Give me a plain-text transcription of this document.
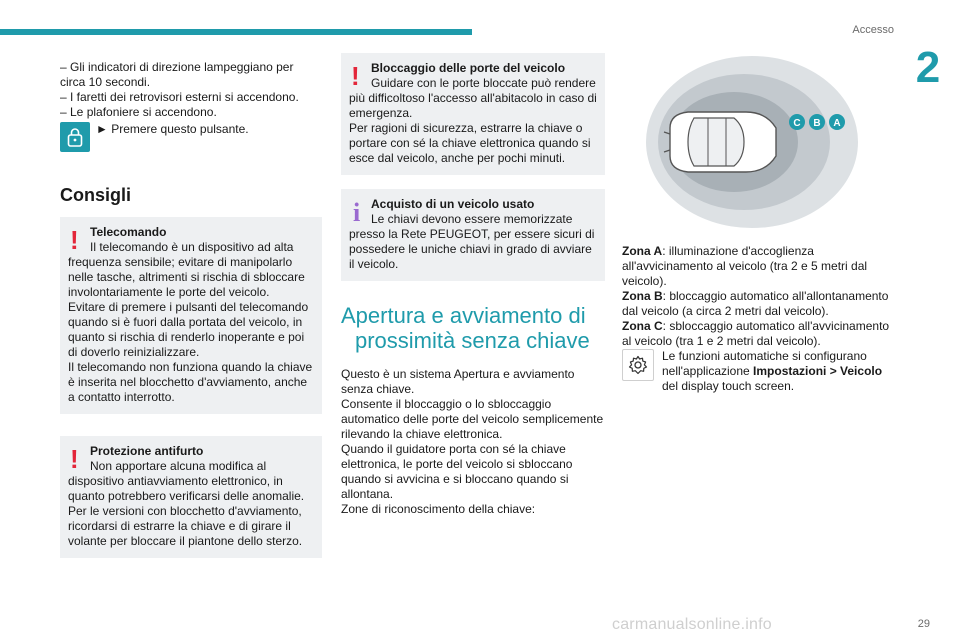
Accesso
2

– Gli indicatori di direzione lampeggiano per circa 10 secondi.

– I faretti dei retrovisori esterni si accendono.

– Le plafoniere si accendono.

► Premere questo pulsante.
Consigli
! Telecomando

Il telecomando è un dispositivo ad alta frequenza sensibile; evitare di manipolarlo nelle tasche, altrimenti si rischia di sbloccare involontariamente le porte del veicolo.

Evitare di premere i pulsanti del telecomando quando si è fuori dalla portata del veicolo, in quanto si rischia di renderlo inoperante e poi di doverlo reinizializzare.

Il telecomando non funziona quando la chiave è inserita nel blocchetto d'avviamento, anche a contatto interrotto.

! Protezione antifurto

Non apportare alcuna modifica al dispositivo antiavviamento elettronico, in quanto potrebbero verificarsi delle anomalie.

Per le versioni con blocchetto d'avviamento, ricordarsi di estrarre la chiave e di girare il volante per bloccare il piantone dello sterzo.

! Bloccaggio delle porte del veicolo

Guidare con le porte bloccate può rendere più difficoltoso l'accesso all'abitacolo in caso di emergenza.

Per ragioni di sicurezza, estrarre la chiave o portare con sé la chiave elettronica quando si esce dal veicolo, anche per pochi minuti.

i Acquisto di un veicolo usato

Le chiavi devono essere memorizzate presso la Rete PEUGEOT, per essere sicuri di possedere le uniche chiavi in grado di avviare il veicolo.

Apertura e avviamento di
prossimità senza chiave

Questo è un sistema Apertura e avviamento senza chiave.

Consente il bloccaggio o lo sbloccaggio automatico delle porte del veicolo semplicemente rilevando la chiave elettronica.

Quando il guidatore porta con sé la chiave elettronica, le porte del veicolo si sbloccano quando si avvicina e si bloccano quando si allontana.

Zone di riconoscimento della chiave:

C B A

Zona A: illuminazione d'accoglienza all'avvicinamento al veicolo (tra 2 e 5 metri dal veicolo).

Zona B: bloccaggio automatico all'allontanamento dal veicolo (a circa 2 metri dal veicolo).

Zona C: sbloccaggio automatico all'avvicinamento al veicolo (tra 1 e 2 metri dal veicolo).

Le funzioni automatiche si configurano nell'applicazione Impostazioni > Veicolo del display touch screen.

29
carmanualsonline.info
